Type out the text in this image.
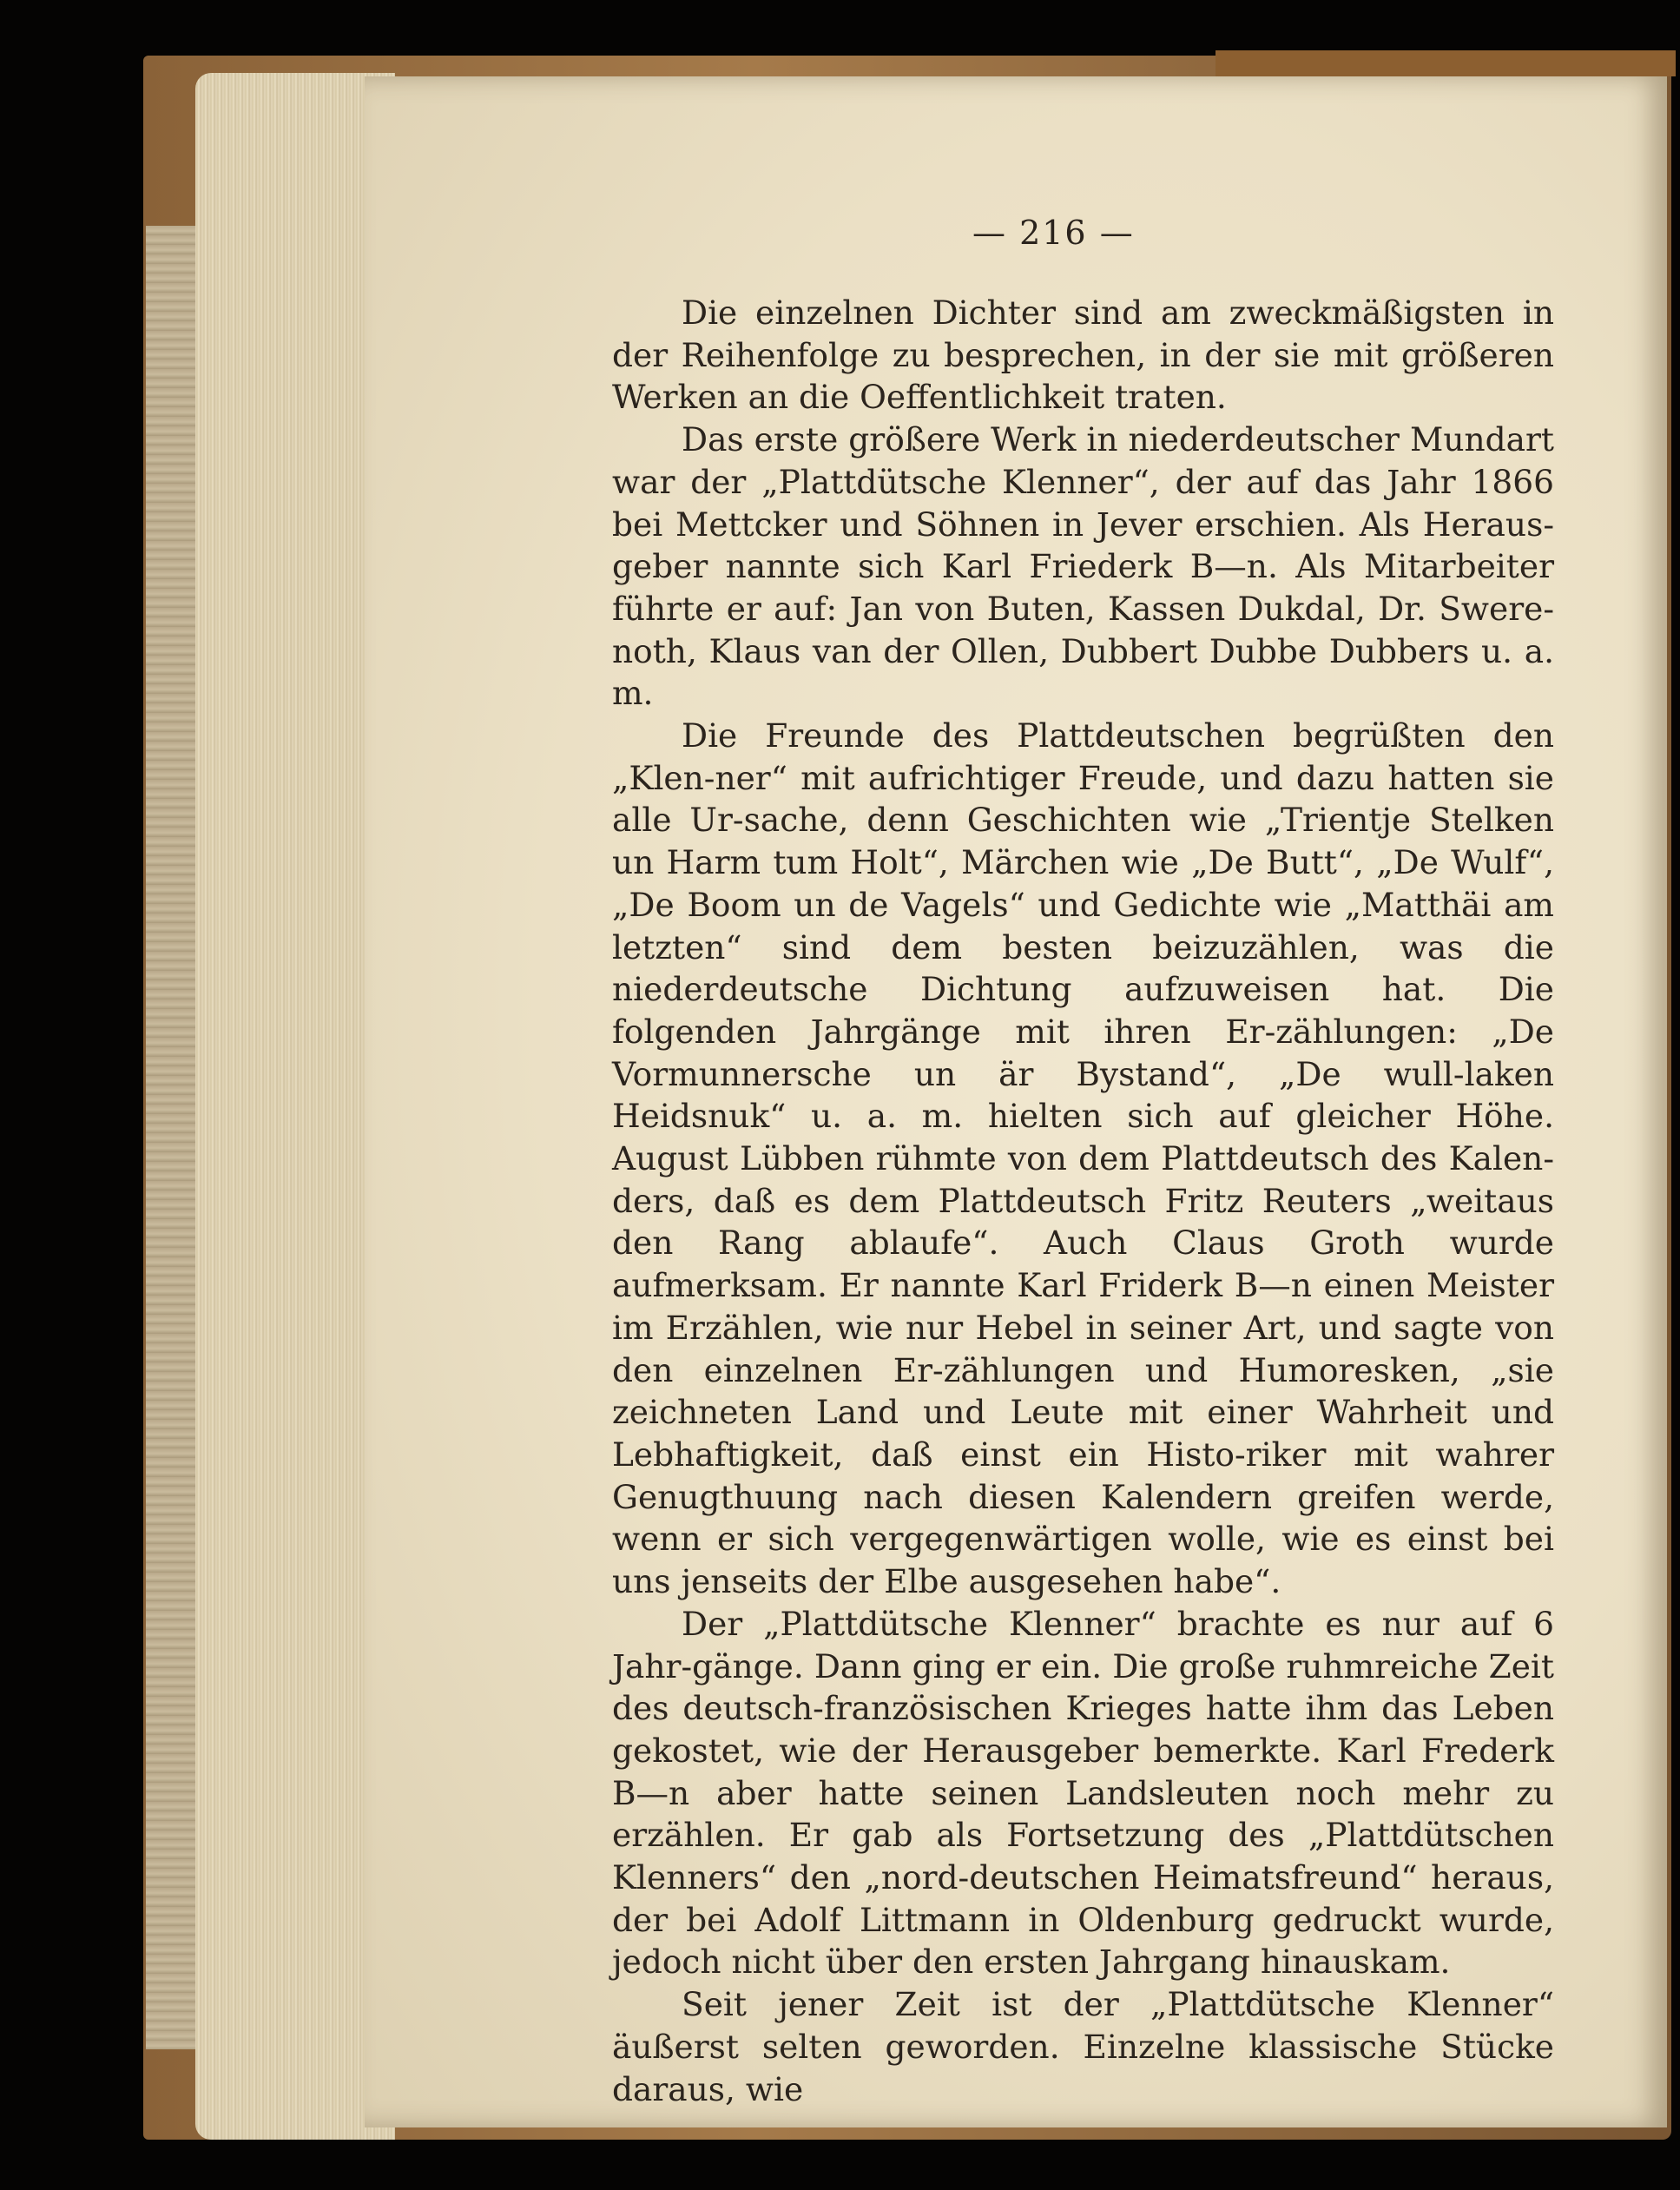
— 216 —

Die einzelnen Dichter sind am zweckmäßigsten in der Reihenfolge zu besprechen, in der sie mit größeren Werken an die Oeffentlichkeit traten.

Das erste größere Werk in niederdeutscher Mundart war der „Plattdütsche Klenner“, der auf das Jahr 1866 bei Mettcker und Söhnen in Jever erschien. Als Heraus-geber nannte sich Karl Friederk B—n. Als Mitarbeiter führte er auf: Jan von Buten, Kassen Dukdal, Dr. Swere-noth, Klaus van der Ollen, Dubbert Dubbe Dubbers u. a. m.

Die Freunde des Plattdeutschen begrüßten den „Klen-ner“ mit aufrichtiger Freude, und dazu hatten sie alle Ur-sache, denn Geschichten wie „Trientje Stelken un Harm tum Holt“, Märchen wie „De Butt“, „De Wulf“, „De Boom un de Vagels“ und Gedichte wie „Matthäi am letzten“ sind dem besten beizuzählen, was die niederdeutsche Dichtung aufzuweisen hat. Die folgenden Jahrgänge mit ihren Er-zählungen: „De Vormunnersche un är Bystand“, „De wull-laken Heidsnuk“ u. a. m. hielten sich auf gleicher Höhe. August Lübben rühmte von dem Plattdeutsch des Kalen-ders, daß es dem Plattdeutsch Fritz Reuters „weitaus den Rang ablaufe“. Auch Claus Groth wurde aufmerksam. Er nannte Karl Friderk B—n einen Meister im Erzählen, wie nur Hebel in seiner Art, und sagte von den einzelnen Er-zählungen und Humoresken, „sie zeichneten Land und Leute mit einer Wahrheit und Lebhaftigkeit, daß einst ein Histo-riker mit wahrer Genugthuung nach diesen Kalendern greifen werde, wenn er sich vergegenwärtigen wolle, wie es einst bei uns jenseits der Elbe ausgesehen habe“.

Der „Plattdütsche Klenner“ brachte es nur auf 6 Jahr-gänge. Dann ging er ein. Die große ruhmreiche Zeit des deutsch-französischen Krieges hatte ihm das Leben gekostet, wie der Herausgeber bemerkte. Karl Frederk B—n aber hatte seinen Landsleuten noch mehr zu erzählen. Er gab als Fortsetzung des „Plattdütschen Klenners“ den „nord-deutschen Heimatsfreund“ heraus, der bei Adolf Littmann in Oldenburg gedruckt wurde, jedoch nicht über den ersten Jahrgang hinauskam.

Seit jener Zeit ist der „Plattdütsche Klenner“ äußerst selten geworden. Einzelne klassische Stücke daraus, wie
